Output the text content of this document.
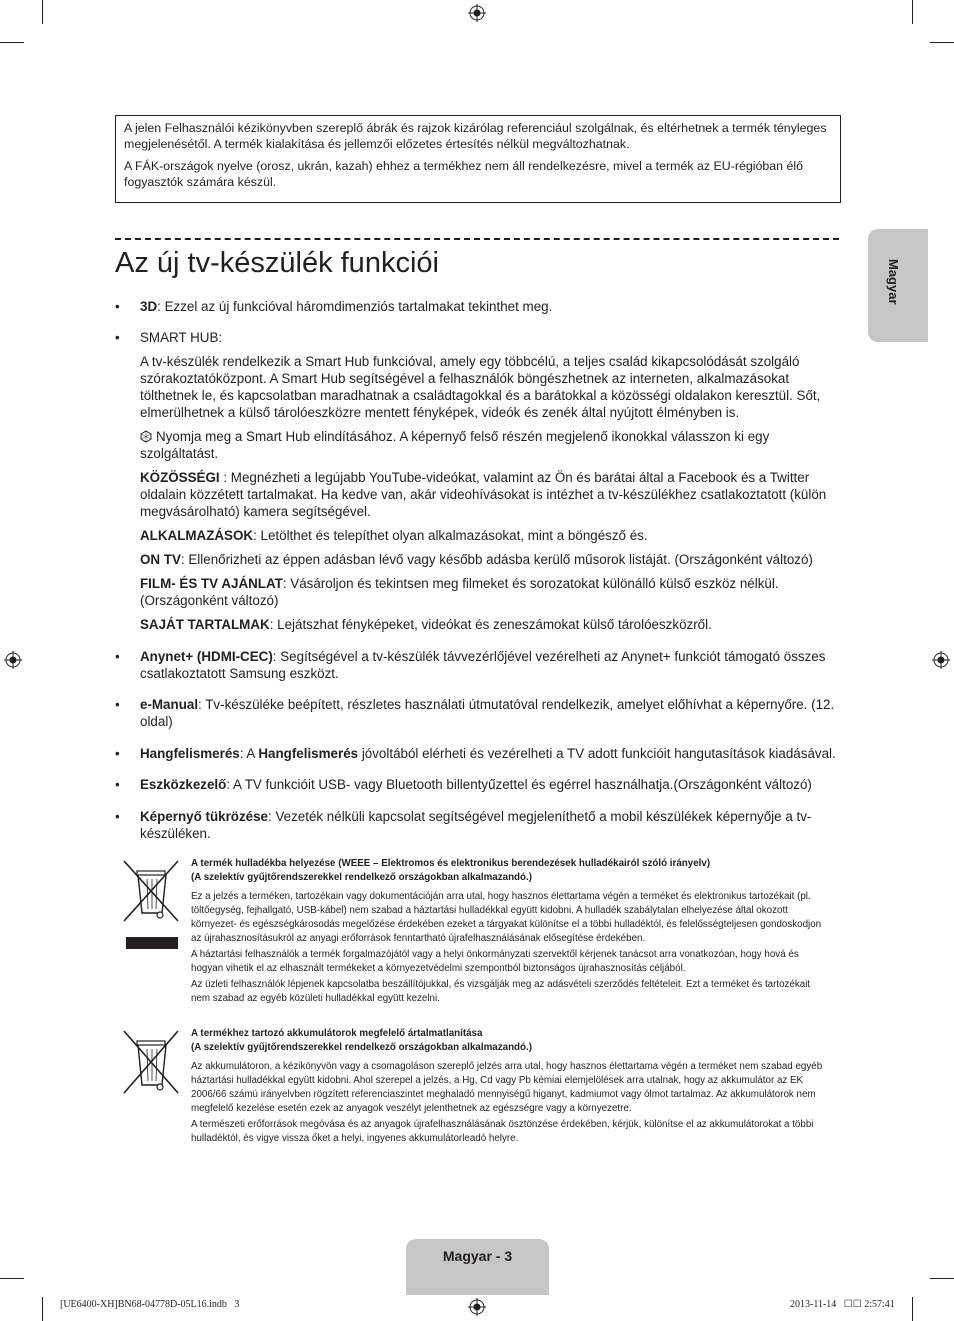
A jelen Felhasználói kézikönyvben szereplő ábrák és rajzok kizárólag referenciául szolgálnak, és eltérhetnek a termék tényleges megjelenésétől. A termék kialakítása és jellemzői előzetes értesítés nélkül megváltozhatnak.

A FÁK-országok nyelve (orosz, ukrán, kazah) ehhez a termékhez nem áll rendelkezésre, mivel a termék az EU-régióban élő fogyasztók számára készül.

Az új tv-készülék funkciói	Magyar
• 3D: Ezzel az új funkcióval háromdimenziós tartalmakat tekinthet meg.
• SMART HUB:
A tv-készülék rendelkezik a Smart Hub funkcióval, amely egy többcélú, a teljes család kikapcsolódását szolgáló szórakoztatóközpont. A Smart Hub segítségével a felhasználók böngészhetnek az interneten, alkalmazásokat tölthetnek le, és kapcsolatban maradhatnak a családtagokkal és a barátokkal a közösségi oldalakon keresztül. Sőt, elmerülhetnek a külső tárolóeszközre mentett fényképek, videók és zenék által nyújtott élményben is.
Nyomja meg a Smart Hub elindításához. A képernyő felső részén megjelenő ikonokkal válasszon ki egy szolgáltatást.
KÖZÖSSÉGI : Megnézheti a legújabb YouTube-videókat, valamint az Ön és barátai által a Facebook és a Twitter oldalain közzétett tartalmakat. Ha kedve van, akár videohívásokat is intézhet a tv-készülékhez csatlakoztatott (külön megvásárolható) kamera segítségével.
ALKALMAZÁSOK: Letölthet és telepíthet olyan alkalmazásokat, mint a böngésző és.
ON TV: Ellenőrizheti az éppen adásban lévő vagy később adásba kerülő műsorok listáját. (Országonként változó)
FILM- ÉS TV AJÁNLAT: Vásároljon és tekintsen meg filmeket és sorozatokat különálló külső eszköz nélkül. (Országonként változó)
SAJÁT TARTALMAK: Lejátszhat fényképeket, videókat és zeneszámokat külső tárolóeszközről.
• Anynet+ (HDMI-CEC): Segítségével a tv-készülék távvezérlőjével vezérelheti az Anynet+ funkciót támogató összes csatlakoztatott Samsung eszközt.
• e-Manual: Tv-készüléke beépített, részletes használati útmutatóval rendelkezik, amelyet előhívhat a képernyőre. (12. oldal)
• Hangfelismerés: A Hangfelismerés jóvoltából elérheti és vezérelheti a TV adott funkcióit hangutasítások kiadásával.
• Eszközkezelő: A TV funkcióit USB- vagy Bluetooth billentyűzettel és egérrel használhatja.(Országonként változó)
• Képernyő tükrözése: Vezeték nélküli kapcsolat segítségével megjeleníthető a mobil készülékek képernyője a tv-készüléken.

A termék hulladékba helyezése (WEEE – Elektromos és elektronikus berendezések hulladékairól szóló irányelv)

(A szelektív gyűjtőrendszerekkel rendelkező országokban alkalmazandó.)

Ez a jelzés a terméken, tartozékain vagy dokumentációján arra utal, hogy hasznos élettartama végén a terméket és elektronikus tartozékait (pl. töltőegység, fejhallgató, USB-kábel) nem szabad a háztartási hulladékkal együtt kidobni. A hulladék szabálytalan elhelyezése által okozott környezet- és egészségkárosodás megelőzése érdekében ezeket a tárgyakat különítse el a többi hulladéktól, és felelősségteljesen gondoskodjon az újrahasznosításukról az anyagi erőforrások fenntartható újrafelhasználásának elősegítése érdekében.

A háztartási felhasználók a termék forgalmazójától vagy a helyi önkormányzati szervektől kérjenek tanácsot arra vonatkozóan, hogy hová és hogyan vihetik el az elhasznált termékeket a környezetvédelmi szempontból biztonságos újrahasznosítás céljából.

Az üzleti felhasználók lépjenek kapcsolatba beszállítójukkal, és vizsgálják meg az adásvételi szerződés feltételeit. Ezt a terméket és tartozékait nem szabad az egyéb közületi hulladékkal együtt kezelni.

A termékhez tartozó akkumulátorok megfelelő ártalmatlanítása

(A szelektív gyűjtőrendszerekkel rendelkező országokban alkalmazandó.)

Az akkumulátoron, a kézikönyvön vagy a csomagoláson szereplő jelzés arra utal, hogy hasznos élettartama végén a terméket nem szabad egyéb háztartási hulladékkal együtt kidobni. Ahol szerepel a jelzés, a Hg, Cd vagy Pb kémiai elemjelölések arra utalnak, hogy az akkumulátor az EK 2006/66 számú irányelvben rögzített referenciaszintet meghaladó mennyiségű higanyt, kadmiumot vagy ólmot tartalmaz. Az akkumulátorok nem megfelelő kezelése esetén ezek az anyagok veszélyt jelenthetnek az egészségre vagy a környezetre.

A természeti erőforrások megóvása és az anyagok újrafelhasználásának ösztönzése érdekében, kérjük, különítse el az akkumulátorokat a többi hulladéktól, és vigye vissza őket a helyi, ingyenes akkumulátorleadó helyre.

Magyar - 3
[UE6400-XH]BN68-04778D-05L16.indb   3	2013-11-14   ☐☐ 2:57:41
